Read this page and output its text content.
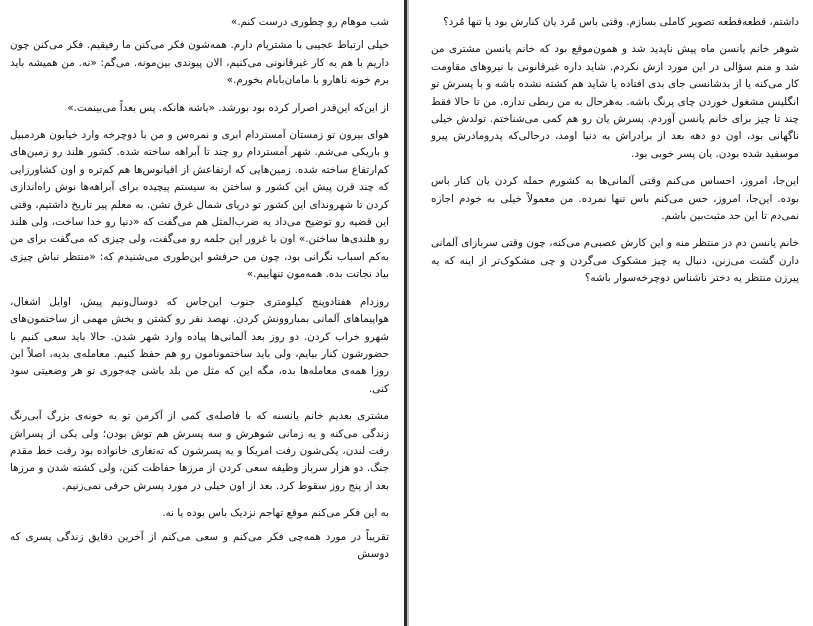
شب موهام رو چطوری درست کنم.»

خیلی ارتباط عجیبی با مشتریام دارم. همه‌شون فکر می‌کنن ما رفیقیم. فکر می‌کنن چون داریم با هم یه کار غیرقانونی می‌کنیم، الان پیوندی بین‌مونه. می‌گم: «نه. من همیشه باید برم خونه ناهارو با مامان‌بابام بخورم.»

از این‌که این‌قدر اصرار کرده بود بورشد. «باشه هانکه. پس بعداً می‌بینمت.»

هوای بیرون تو زمستان آمستردام ابری و نمره‌س و من با دوچرخه وارد خیابون هردمبیل و باریکی می‌شم. شهر آمستردام رو چند تا آبراهه ساخته شده. کشور هلند رو زمین‌های کم‌ارتفاع ساخته شده. زمین‌هایی که ارتفاعش از اقیانوس‌ها هم کم‌تره و اون کشاورزایی که چند قرن پیش این کشور و ساختن به سیستم پیچیده برای آبراهه‌ها نوش راه‌اندازی کردن تا شهروندای این کشور تو دریای شمال غرق نشن. به معلم پیر تاریخ داشتیم، وقتی این قضیه رو توضیح می‌داد یه ضرب‌المثل هم می‌گفت که «دنیا رو خدا ساخت، ولی هلند رو هلندی‌ها ساختن.» اون با غرور این جلمه رو می‌گفت، ولی چیزی که می‌گفت برای من به‌کم اسباب نگرانی بود، چون من حرفشو این‌طوری می‌شنیدم که: «منتظر نباش چیزی بیاد نجاتت بده. همه‌مون تنهاییم.»

روزدام هفتادوپنج کیلومتری جنوب این‌جاس که دوسال‌ونیم پیش، اوایل اشغال، هواپیماهای آلمانی بمباروونش کردن. نهصد نفر رو کشتن و بخش مهمی از ساختمون‌های شهرو خراب کردن. دو روز بعد آلمانی‌ها پیاده وارد شهر شدن. حالا باید سعی کنیم با حضورشون کنار بیایم، ولی باید ساختمونامون رو هم حفظ کنیم. معامله‌ی بدیه، اصلاً این روزا همه‌ی معامله‌ها بده، مگه این که مثل من بلد باشی چه‌جوری تو هر وضعیتی سود کنی.

مشتری بعدیم خانم یانسنه که با فاصله‌ی کمی از آکرمن تو یه خونه‌ی بزرگ آبی‌رنگ زندگی می‌کنه و یه زمانی شوهرش و سه پسرش هم توش بودن؛ ولی یکی از پسراش رفت لندن، یکی‌شون رفت امریکا و یه پسرشون که ته‌تغاری خانواده بود رفت خط مقدم جنگ. دو هزار سرباز وظیفه سعی کردن از مرزها حفاظت کنن، ولی کشته شدن و مرزها بعد از پنج روز سقوط کرد. بعد از اون خیلی در مورد پسرش حرفی نمی‌زنیم.

به این فکر می‌کنم موقع تهاجم نزدیک باس بوده یا نه.

تقریباً در مورد همه‌چی فکر می‌کنم و سعی می‌کنم از آخرین دقایق زندگی پسری که دوسش

داشتم، قطعه‌قطعه تصویر کاملی بسازم. وقتی باس مُرد یان کنارش بود یا تنها مُرد؟

شوهر خانم یانسن ماه پیش ناپدید شد و همون‌موقع بود که خانم یانسن مشتری من شد و منم سؤالی در این مورد ازش نکردم. شاید داره غیرقانونی با نیروهای مقاومت کار می‌کنه یا از بدشانسی جای بدی افتاده یا شاید هم کشته نشده باشه و با پسرش تو انگلیس مشغول خوردن چای پرنگ باشه. به‌هرحال به من ربطی نداره. من تا حالا فقط چند تا چیز برای خانم یانسن آوردم. پسرش یان رو هم کمی می‌شناختم. تولدش خیلی ناگهانی بود، اون دو دهه بعد از برادراش به دنیا اومد، درحالی‌که پدرومادرش پیرو موسفید شده بودن. یان پسر خوبی بود.

این‌جا، امروز، احساس می‌کنم وقتی آلمانی‌ها به کشورم حمله کردن یان کنار باس بوده. این‌جا، امروز، حس می‌کنم باس تنها نمرده. من معمولاً خیلی به خودم اجازه نمی‌دم تا این حد مثبت‌بین باشم.

خانم یانسن دم در منتظر منه و این کارش عصبی‌م می‌کنه، چون وقتی سربازای آلمانی دارن گشت می‌زنن، دنبال یه چیز مشکوک می‌گردن و چی مشکوک‌تر از اینه که یه پیرزن منتظر یه دختر ناشناس دوچرخه‌سوار باشه؟
